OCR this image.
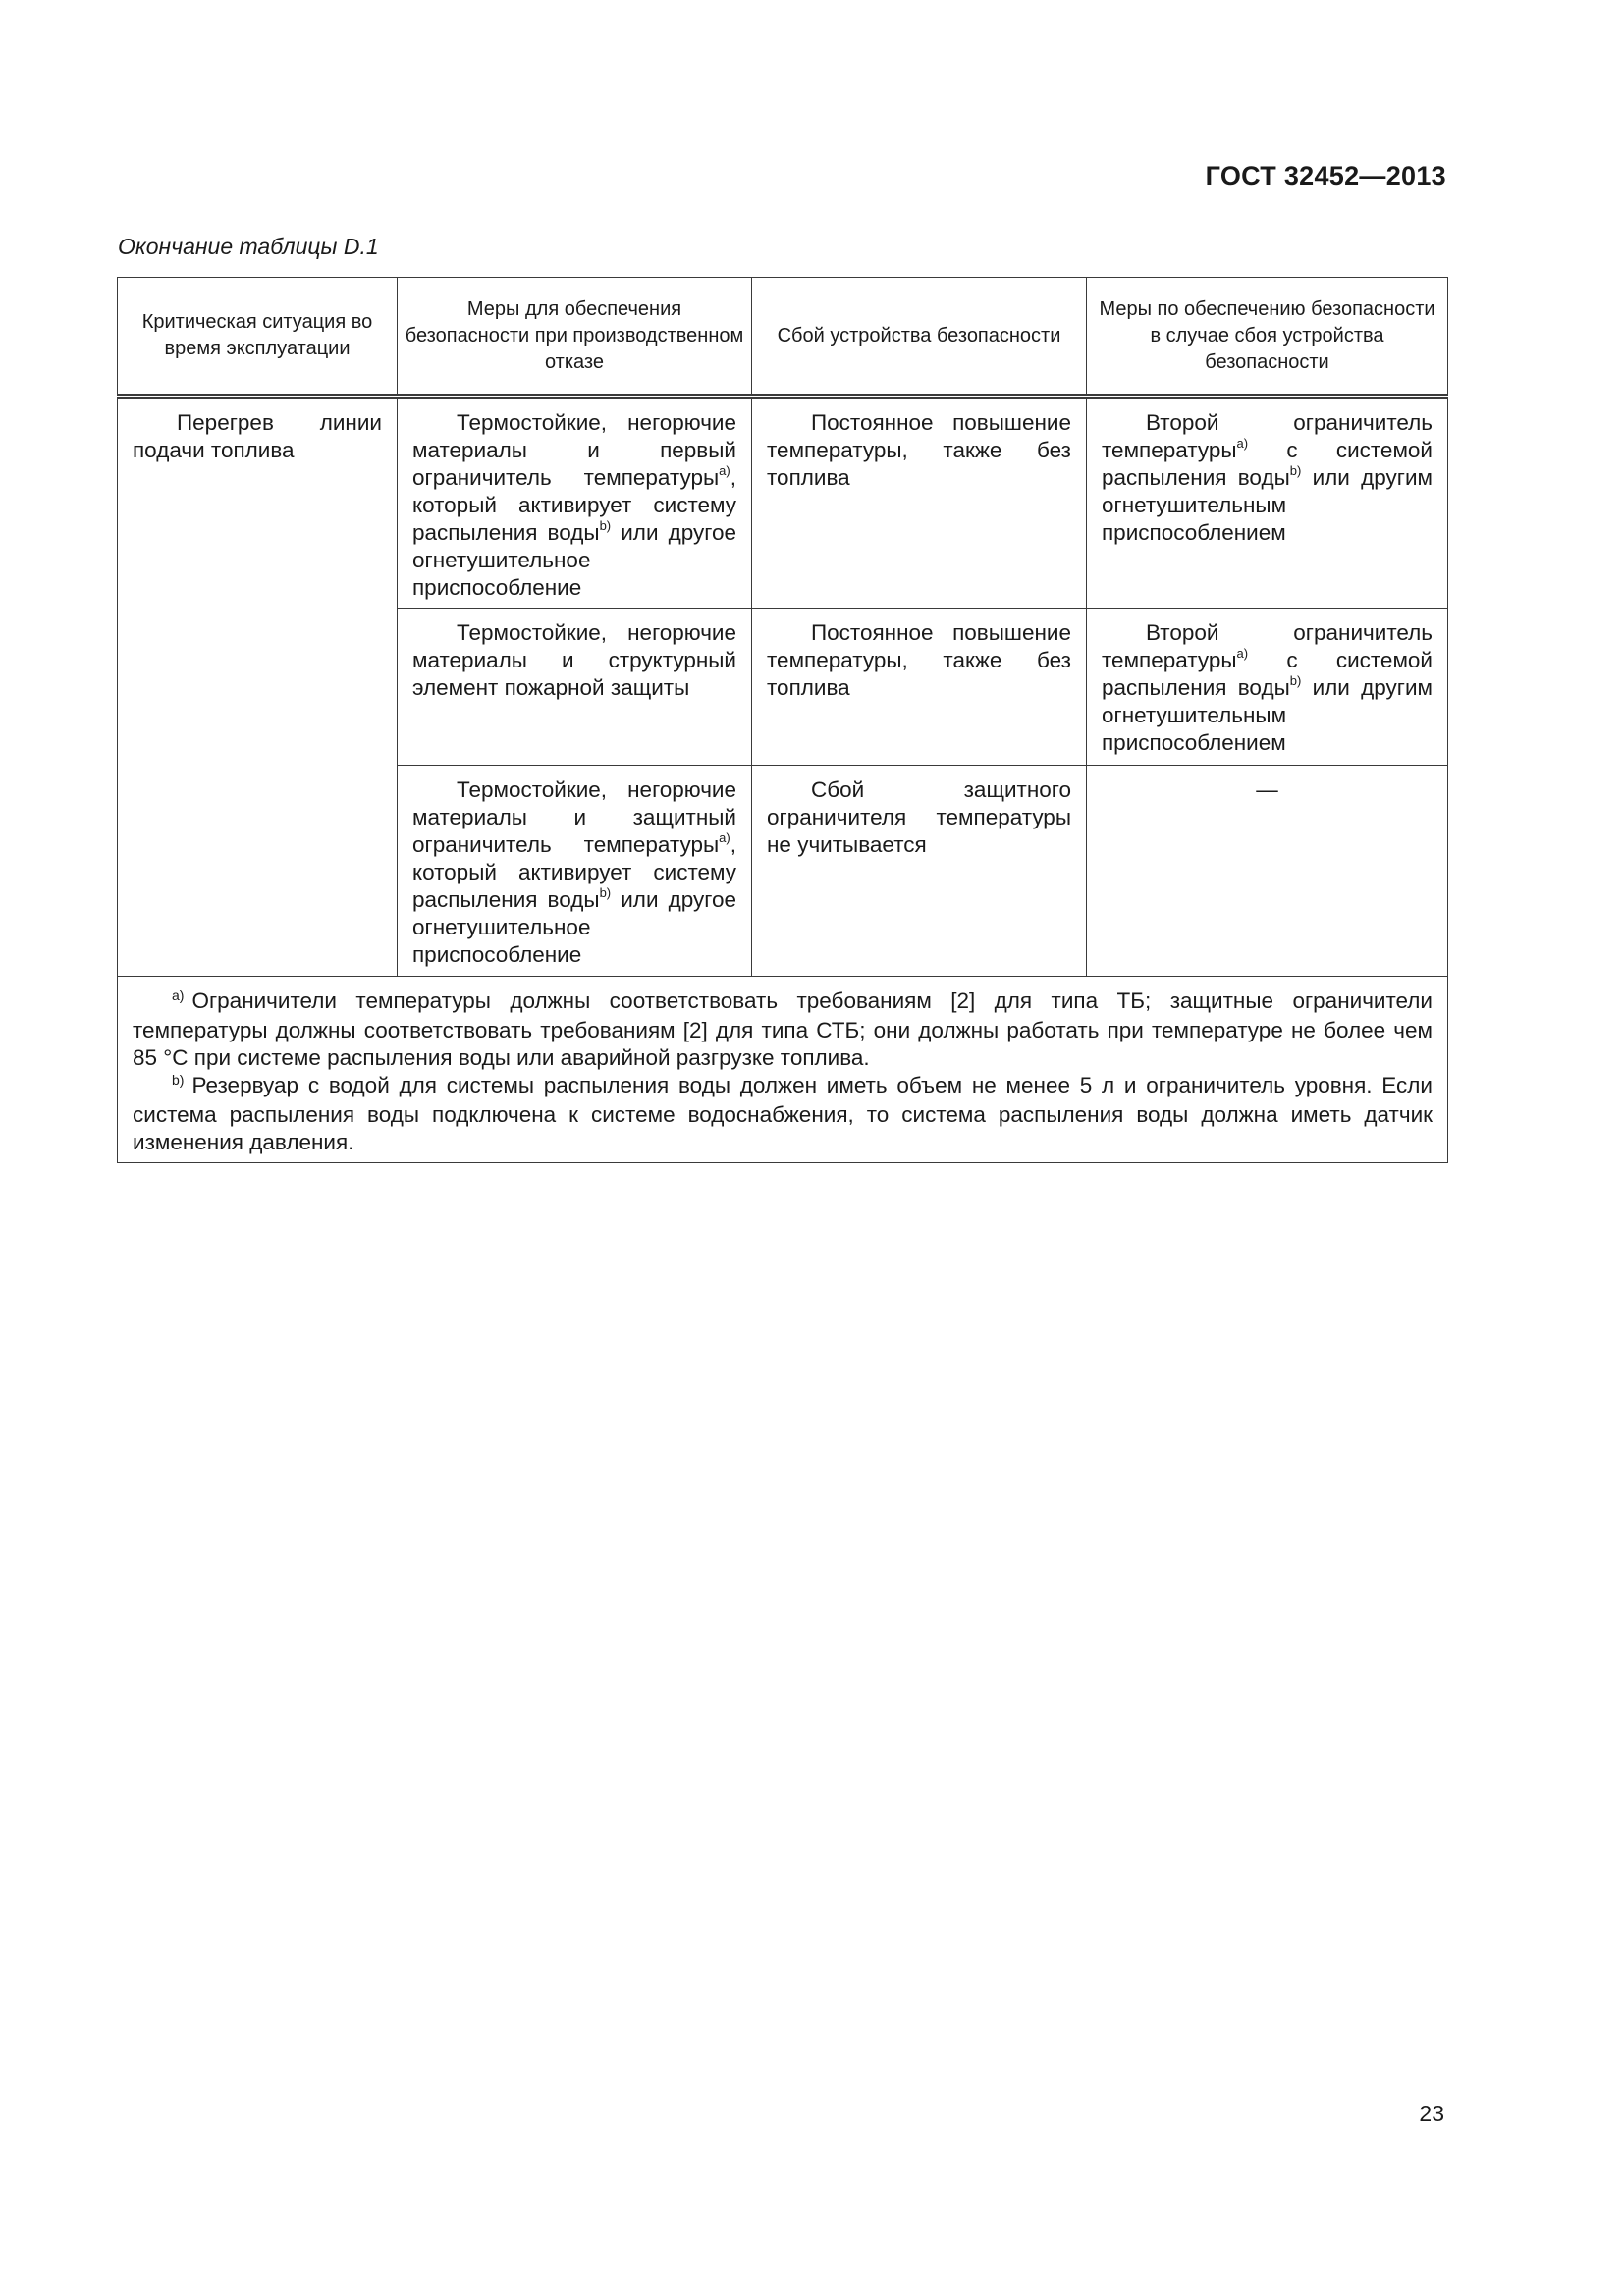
ГОСТ 32452—2013
Окончание таблицы D.1
Критическая ситуация во время эксплуатации	Меры для обеспечения безопасности при производственном отказе	Сбой устройства безопасности	Меры по обеспечению безопасности в случае сбоя устройства безопасности
Перегрев линии подачи топлива	Термостойкие, негорючие материалы и первый ограничитель температуры$^{а)}$, который активирует систему распыления воды$^{b)}$ или другое огнетушительное приспособление	Постоянное повышение температуры, также без топлива	Второй ограничитель температуры$^{а)}$ с системой распыления воды$^{b)}$ или другим огнетушительным приспособлением
	Термостойкие, негорючие материалы и структурный элемент пожарной защиты	Постоянное повышение температуры, также без топлива	Второй ограничитель температуры$^{а)}$ с системой распыления воды$^{b)}$ или другим огнетушительным приспособлением
	Термостойкие, негорючие материалы и защитный ограничитель температуры$^{а)}$, который активирует систему распыления воды$^{b)}$ или другое огнетушительное приспособление	Сбой защитного ограничителя температуры не учитывается	—

$^{а)}$ Ограничители температуры должны соответствовать требованиям [2] для типа ТБ; защитные ограничители температуры должны соответствовать требованиям [2] для типа СТБ; они должны работать при температуре не более чем 85 °С при системе распыления воды или аварийной разгрузке топлива.
$^{b)}$ Резервуар с водой для системы распыления воды должен иметь объем не менее 5 л и ограничитель уровня. Если система распыления воды подключена к системе водоснабжения, то система распыления воды должна иметь датчик изменения давления.			
23
